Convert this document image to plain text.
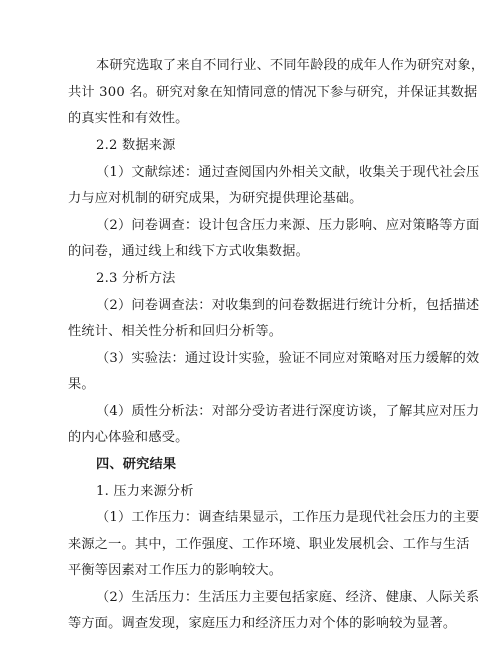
本研究选取了来自不同行业、不同年龄段的成年人作为研究对象，
共计 300 名。研究对象在知情同意的情况下参与研究，并保证其数据
的真实性和有效性。
2.2 数据来源
（1）文献综述：通过查阅国内外相关文献，收集关于现代社会压
力与应对机制的研究成果，为研究提供理论基础。
（2）问卷调查：设计包含压力来源、压力影响、应对策略等方面
的问卷，通过线上和线下方式收集数据。
2.3 分析方法
（2）问卷调查法：对收集到的问卷数据进行统计分析，包括描述
性统计、相关性分析和回归分析等。
（3）实验法：通过设计实验，验证不同应对策略对压力缓解的效
果。
（4）质性分析法：对部分受访者进行深度访谈，了解其应对压力
的内心体验和感受。
四、研究结果
1. 压力来源分析
（1）工作压力：调查结果显示，工作压力是现代社会压力的主要
来源之一。其中，工作强度、工作环境、职业发展机会、工作与生活
平衡等因素对工作压力的影响较大。
（2）生活压力：生活压力主要包括家庭、经济、健康、人际关系
等方面。调查发现，家庭压力和经济压力对个体的影响较为显著。
